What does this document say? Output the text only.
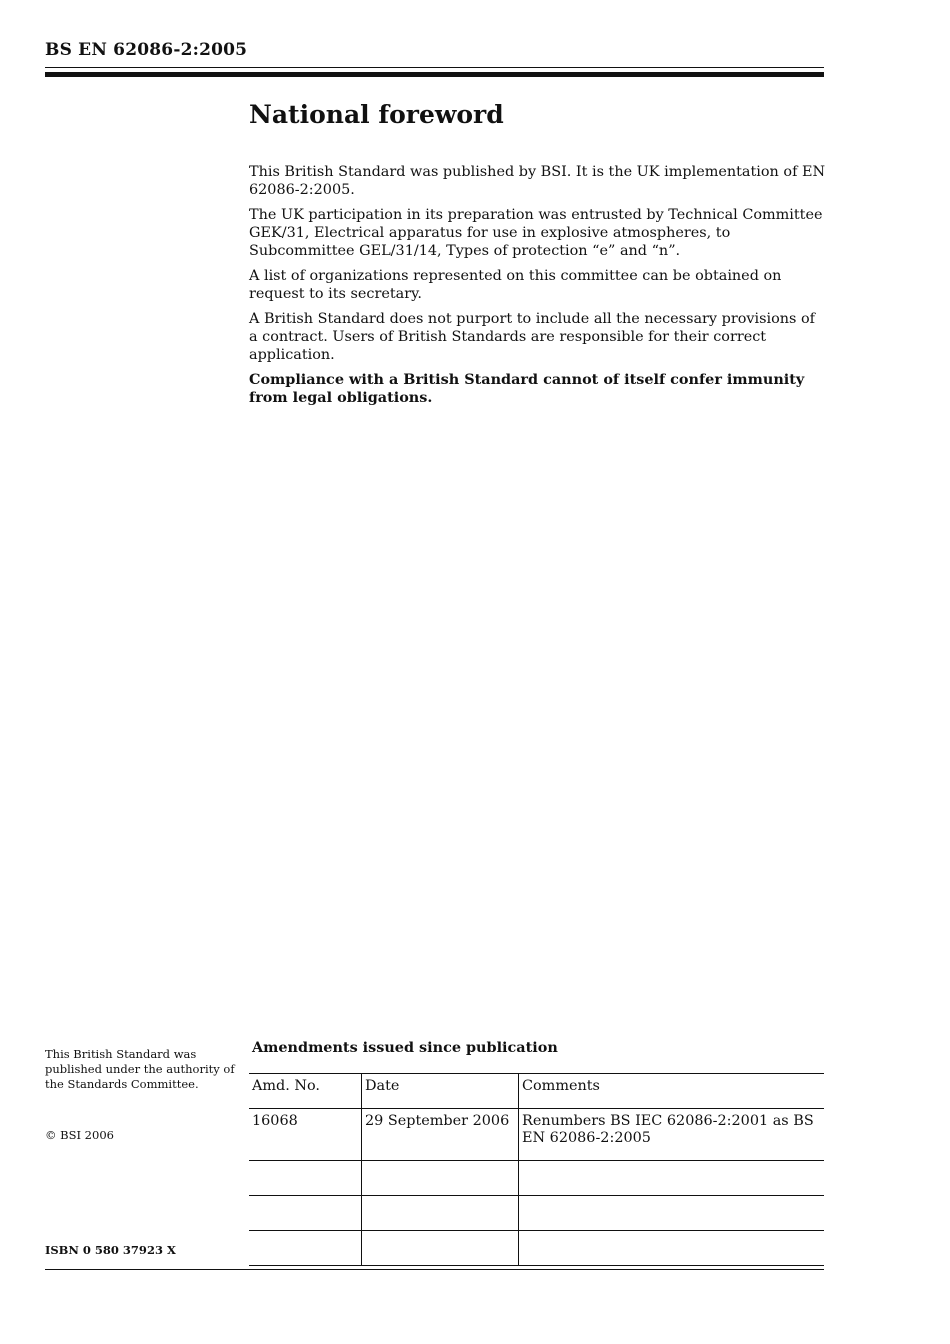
BS EN 62086-2:2005
National foreword

This British Standard was published by BSI. It is the UK implementation of EN 62086-2:2005.

The UK participation in its preparation was entrusted by Technical Committee GEK/31, Electrical apparatus for use in explosive atmospheres, to Subcommittee GEL/31/14, Types of protection “e” and “n”.

A list of organizations represented on this committee can be obtained on request to its secretary.

A British Standard does not purport to include all the necessary provisions of a contract. Users of British Standards are responsible for their correct application.

Compliance with a British Standard cannot of itself confer immunity from legal obligations.

This British Standard was published under the authority of the Standards Committee.

© BSI 2006
ISBN 0 580 37923 X
Amendments issued since publication
Amd. No.	Date	Comments
16068	29 September 2006	Renumbers BS IEC 62086-2:2001 as BS EN 62086-2:2005
